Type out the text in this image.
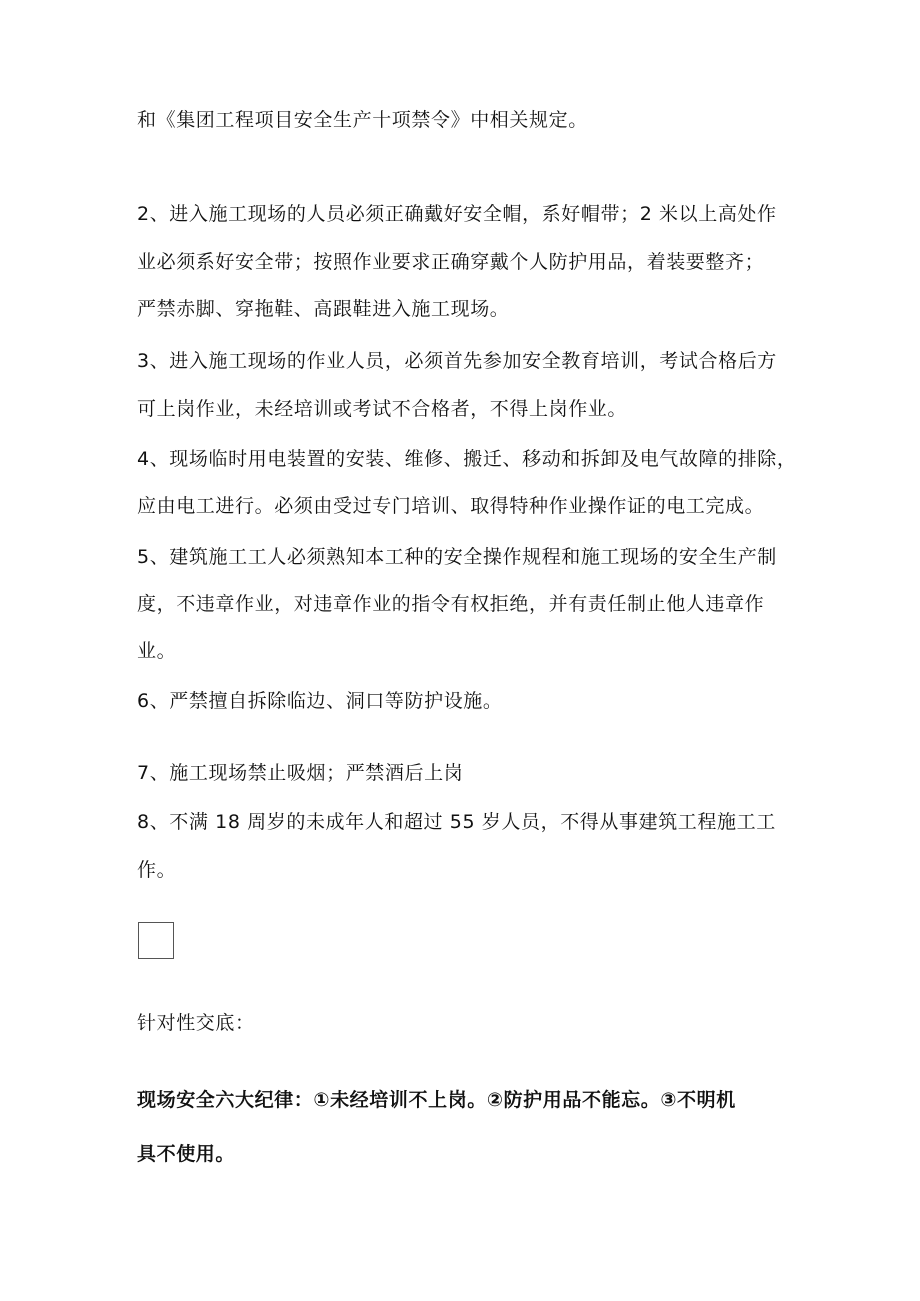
和《集团工程项目安全生产十项禁令》中相关规定。
2、进入施工现场的人员必须正确戴好安全帽，系好帽带；2 米以上高处作
业必须系好安全带；按照作业要求正确穿戴个人防护用品，着装要整齐；
严禁赤脚、穿拖鞋、高跟鞋进入施工现场。
3、进入施工现场的作业人员，必须首先参加安全教育培训，考试合格后方
可上岗作业，未经培训或考试不合格者，不得上岗作业。
4、现场临时用电装置的安装、维修、搬迁、移动和拆卸及电气故障的排除，
应由电工进行。必须由受过专门培训、取得特种作业操作证的电工完成。
5、建筑施工工人必须熟知本工种的安全操作规程和施工现场的安全生产制
度，不违章作业，对违章作业的指令有权拒绝，并有责任制止他人违章作
业。
6、严禁擅自拆除临边、洞口等防护设施。
7、施工现场禁止吸烟；严禁酒后上岗
8、不满 18 周岁的未成年人和超过 55 岁人员，不得从事建筑工程施工工
作。
针对性交底：
现场安全六大纪律：①未经培训不上岗。②防护用品不能忘。③不明机
具不使用。
